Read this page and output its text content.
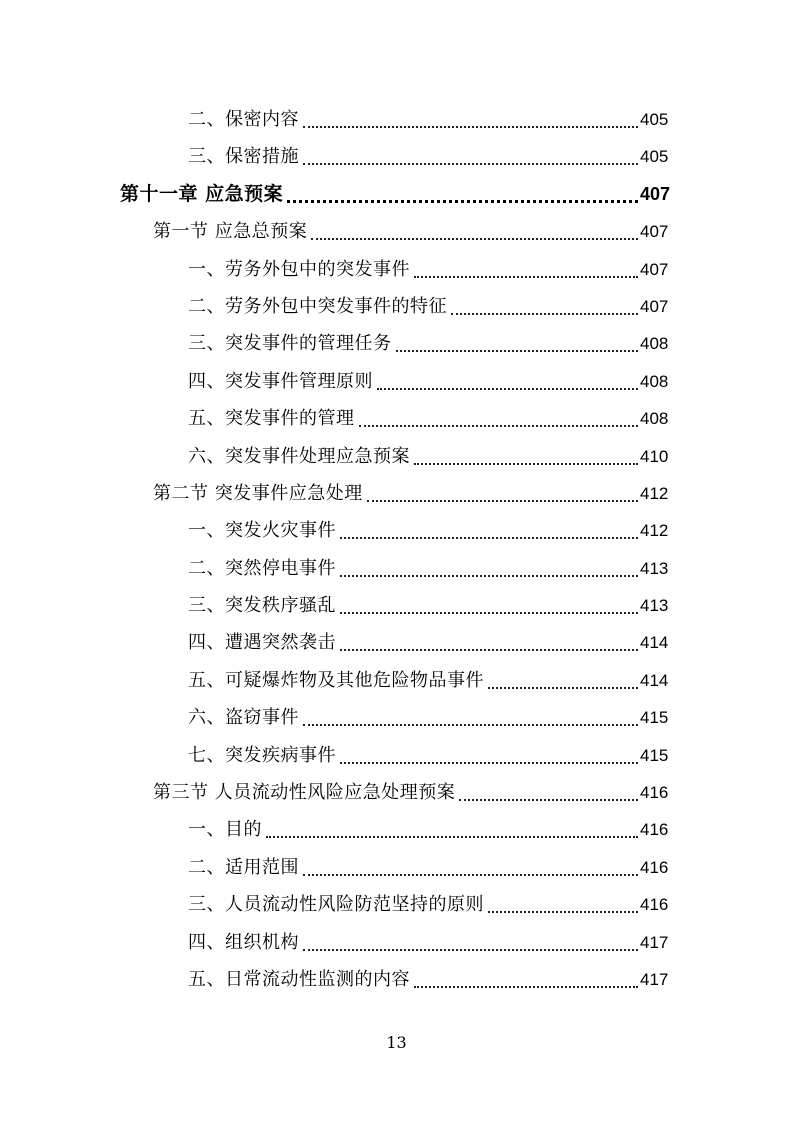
二、保密内容	405
三、保密措施	405
第十一章 应急预案	407
第一节 应急总预案	407
一、劳务外包中的突发事件	407
二、劳务外包中突发事件的特征	407
三、突发事件的管理任务	408
四、突发事件管理原则	408
五、突发事件的管理	408
六、突发事件处理应急预案	410
第二节 突发事件应急处理	412
一、突发火灾事件	412
二、突然停电事件	413
三、突发秩序骚乱	413
四、遭遇突然袭击	414
五、可疑爆炸物及其他危险物品事件	414
六、盗窃事件	415
七、突发疾病事件	415
第三节 人员流动性风险应急处理预案	416
一、目的	416
二、适用范围	416
三、人员流动性风险防范坚持的原则	416
四、组织机构	417
五、日常流动性监测的内容	417
13
